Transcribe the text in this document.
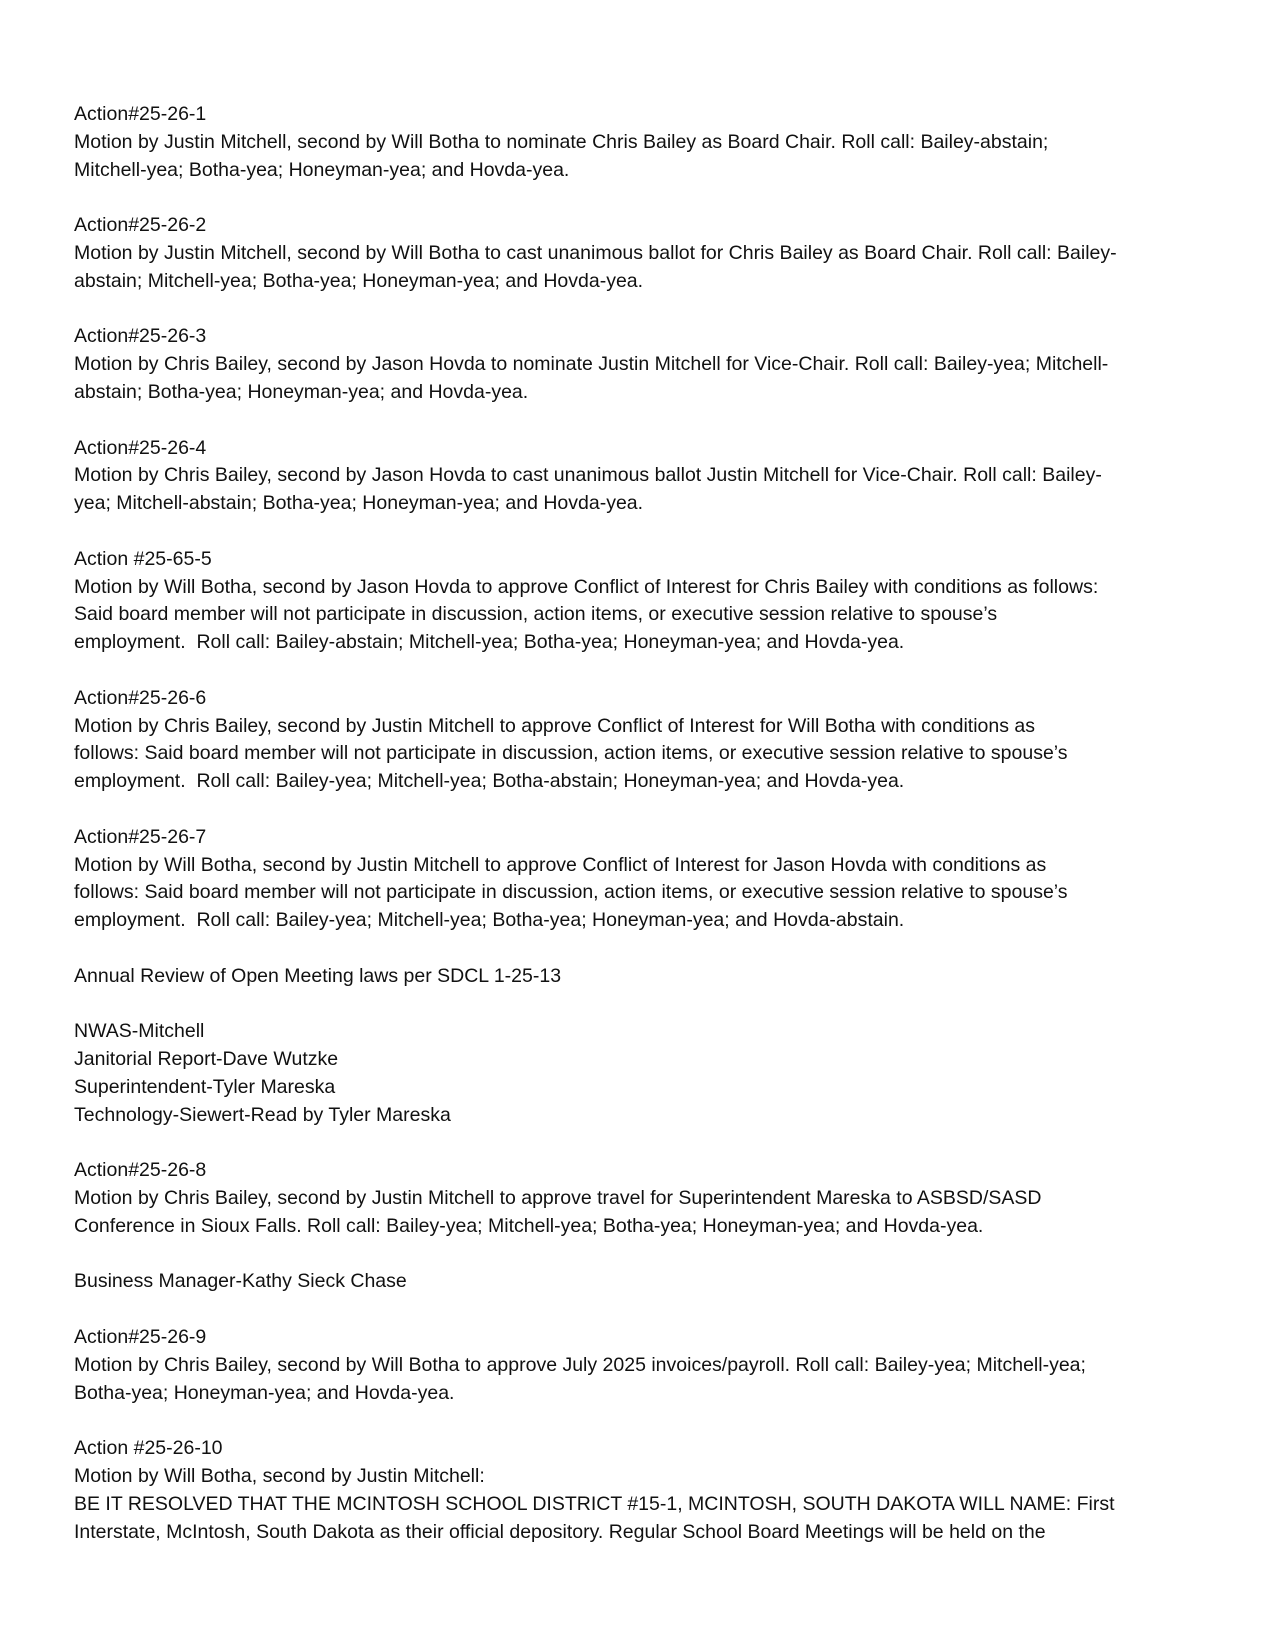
Action#25-26-1
Motion by Justin Mitchell, second by Will Botha to nominate Chris Bailey as Board Chair. Roll call: Bailey-abstain;
Mitchell-yea; Botha-yea; Honeyman-yea; and Hovda-yea.
Action#25-26-2
Motion by Justin Mitchell, second by Will Botha to cast unanimous ballot for Chris Bailey as Board Chair. Roll call: Bailey-
abstain; Mitchell-yea; Botha-yea; Honeyman-yea; and Hovda-yea.
Action#25-26-3
Motion by Chris Bailey, second by Jason Hovda to nominate Justin Mitchell for Vice-Chair. Roll call: Bailey-yea; Mitchell-
abstain; Botha-yea; Honeyman-yea; and Hovda-yea.
Action#25-26-4
Motion by Chris Bailey, second by Jason Hovda to cast unanimous ballot Justin Mitchell for Vice-Chair. Roll call: Bailey-
yea; Mitchell-abstain; Botha-yea; Honeyman-yea; and Hovda-yea.
Action #25-65-5
Motion by Will Botha, second by Jason Hovda to approve Conflict of Interest for Chris Bailey with conditions as follows:
Said board member will not participate in discussion, action items, or executive session relative to spouse’s
employment.  Roll call: Bailey-abstain; Mitchell-yea; Botha-yea; Honeyman-yea; and Hovda-yea.
Action#25-26-6
Motion by Chris Bailey, second by Justin Mitchell to approve Conflict of Interest for Will Botha with conditions as
follows: Said board member will not participate in discussion, action items, or executive session relative to spouse’s
employment.  Roll call: Bailey-yea; Mitchell-yea; Botha-abstain; Honeyman-yea; and Hovda-yea.
Action#25-26-7
Motion by Will Botha, second by Justin Mitchell to approve Conflict of Interest for Jason Hovda with conditions as
follows: Said board member will not participate in discussion, action items, or executive session relative to spouse’s
employment.  Roll call: Bailey-yea; Mitchell-yea; Botha-yea; Honeyman-yea; and Hovda-abstain.
Annual Review of Open Meeting laws per SDCL 1-25-13
NWAS-Mitchell
Janitorial Report-Dave Wutzke
Superintendent-Tyler Mareska
Technology-Siewert-Read by Tyler Mareska
Action#25-26-8
Motion by Chris Bailey, second by Justin Mitchell to approve travel for Superintendent Mareska to ASBSD/SASD
Conference in Sioux Falls. Roll call: Bailey-yea; Mitchell-yea; Botha-yea; Honeyman-yea; and Hovda-yea.
Business Manager-Kathy Sieck Chase
Action#25-26-9
Motion by Chris Bailey, second by Will Botha to approve July 2025 invoices/payroll. Roll call: Bailey-yea; Mitchell-yea;
Botha-yea; Honeyman-yea; and Hovda-yea.
Action #25-26-10
Motion by Will Botha, second by Justin Mitchell:
BE IT RESOLVED THAT THE MCINTOSH SCHOOL DISTRICT #15-1, MCINTOSH, SOUTH DAKOTA WILL NAME: First
Interstate, McIntosh, South Dakota as their official depository. Regular School Board Meetings will be held on the
